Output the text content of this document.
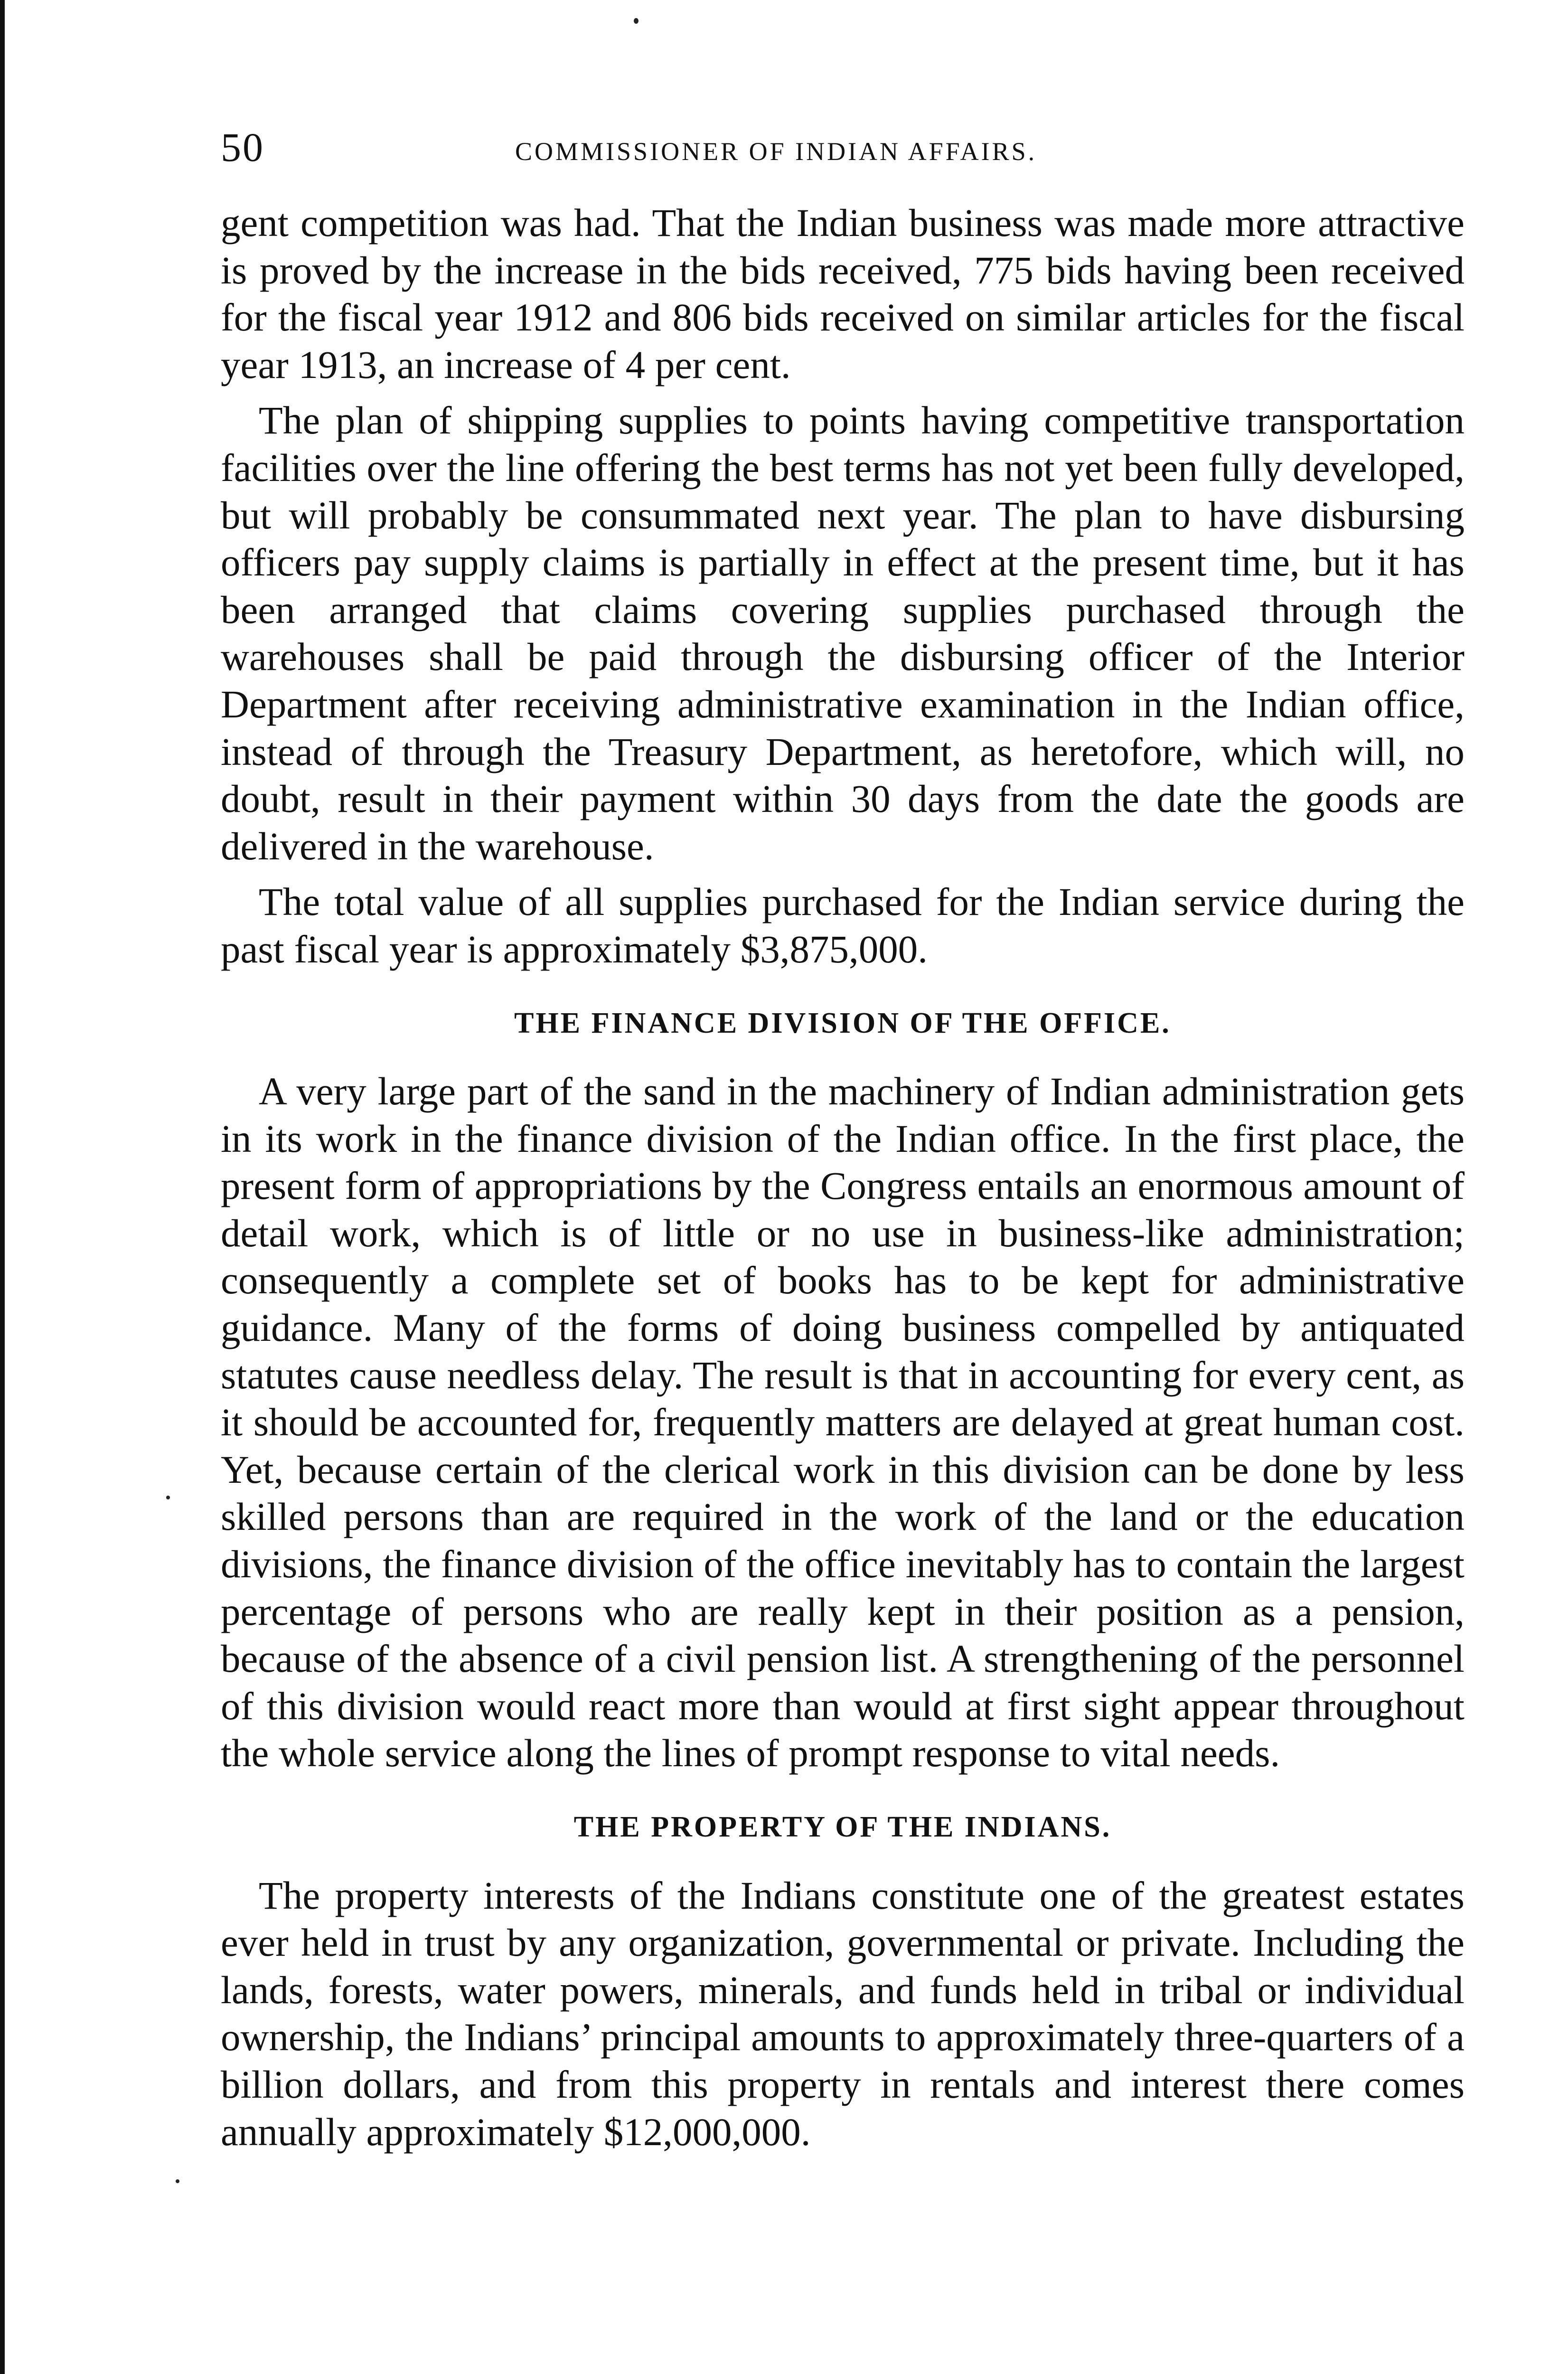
50	COMMISSIONER OF INDIAN AFFAIRS.

gent competition was had. That the Indian business was made more attractive is proved by the increase in the bids received, 775 bids having been received for the fiscal year 1912 and 806 bids received on similar articles for the fiscal year 1913, an increase of 4 per cent.

The plan of shipping supplies to points having competitive transportation facilities over the line offering the best terms has not yet been fully developed, but will probably be consummated next year. The plan to have disbursing officers pay supply claims is partially in effect at the present time, but it has been arranged that claims covering supplies purchased through the warehouses shall be paid through the disbursing officer of the Interior Department after receiving administrative examination in the Indian office, instead of through the Treasury Department, as heretofore, which will, no doubt, result in their payment within 30 days from the date the goods are delivered in the warehouse.

The total value of all supplies purchased for the Indian service during the past fiscal year is approximately $3,875,000.

THE FINANCE DIVISION OF THE OFFICE.

A very large part of the sand in the machinery of Indian administration gets in its work in the finance division of the Indian office. In the first place, the present form of appropriations by the Congress entails an enormous amount of detail work, which is of little or no use in business-like administration; consequently a complete set of books has to be kept for administrative guidance. Many of the forms of doing business compelled by antiquated statutes cause needless delay. The result is that in accounting for every cent, as it should be accounted for, frequently matters are delayed at great human cost. Yet, because certain of the clerical work in this division can be done by less skilled persons than are required in the work of the land or the education divisions, the finance division of the office inevitably has to contain the largest percentage of persons who are really kept in their position as a pension, because of the absence of a civil pension list. A strengthening of the personnel of this division would react more than would at first sight appear throughout the whole service along the lines of prompt response to vital needs.

THE PROPERTY OF THE INDIANS.

The property interests of the Indians constitute one of the greatest estates ever held in trust by any organization, governmental or private. Including the lands, forests, water powers, minerals, and funds held in tribal or individual ownership, the Indians’ principal amounts to approximately three-quarters of a billion dollars, and from this property in rentals and interest there comes annually approximately $12,000,000.
